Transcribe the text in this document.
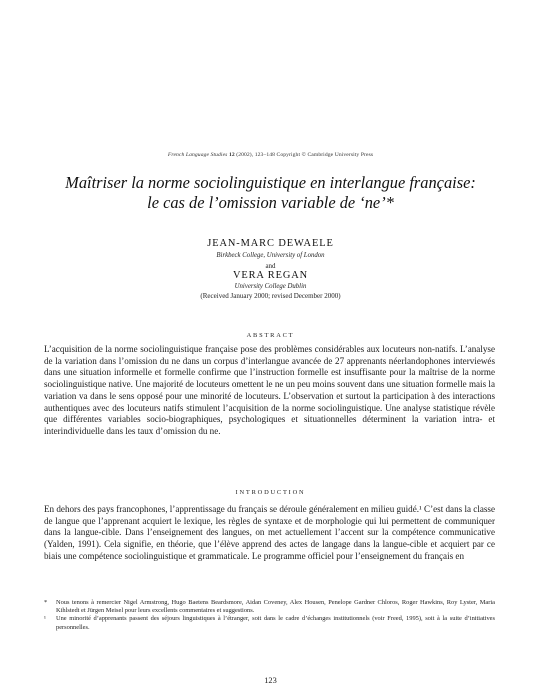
French Language Studies 12 (2002), 123–148 Copyright © Cambridge University Press
Maîtriser la norme sociolinguistique en interlangue française: le cas de l’omission variable de ‘ne’*
JEAN-MARC DEWAELE
Birkbeck College, University of London
and
VERA REGAN
University College Dublin
(Received January 2000; revised December 2000)
ABSTRACT
L’acquisition de la norme sociolinguistique française pose des problèmes considérables aux locuteurs non-natifs. L’analyse de la variation dans l’omission du ne dans un corpus d’interlangue avancée de 27 apprenants néerlandophones interviewés dans une situation informelle et formelle confirme que l’instruction formelle est insuffisante pour la maîtrise de la norme sociolinguistique native. Une majorité de locuteurs omettent le ne un peu moins souvent dans une situation formelle mais la variation va dans le sens opposé pour une minorité de locuteurs. L’observation et surtout la participation à des interactions authentiques avec des locuteurs natifs stimulent l’acquisition de la norme sociolinguistique. Une analyse statistique révèle que différentes variables socio-biographiques, psychologiques et situationnelles déterminent la variation intra- et interindividuelle dans les taux d’omission du ne.
INTRODUCTION

En dehors des pays francophones, l’apprentissage du français se déroule généralement en milieu guidé.¹ C’est dans la classe de langue que l’apprenant acquiert le lexique, les règles de syntaxe et de morphologie qui lui permettent de communiquer dans la langue-cible. Dans l’enseignement des langues, on met actuellement l’accent sur la compétence communicative (Yalden, 1991). Cela signifie, en théorie, que l’élève apprend des actes de langage dans la langue-cible et acquiert par ce biais une compétence sociolinguistique et grammaticale. Le programme officiel pour l’enseignement du français en

* Nous tenons à remercier Nigel Armstrong, Hugo Baetens Beardsmore, Aidan Coveney, Alex Housen, Penelope Gardner Chloros, Roger Hawkins, Roy Lyster, Maria Kihlstedt et Jürgen Meisel pour leurs excellents commentaires et suggestions.

¹ Une minorité d’apprenants passent des séjours linguistiques à l’étranger, soit dans le cadre d’échanges institutionnels (voir Freed, 1995), soit à la suite d’initiatives personnelles.

123
